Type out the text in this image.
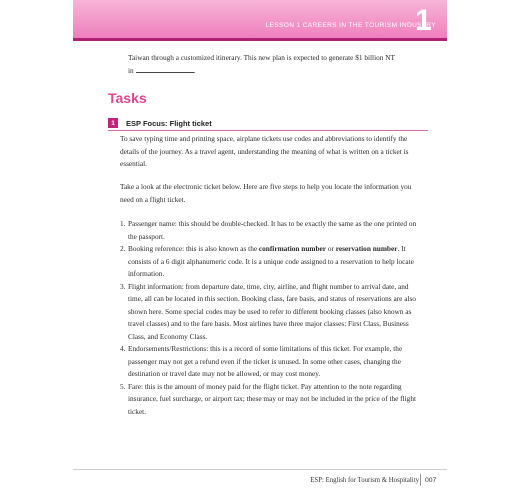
LESSON 1 CAREERS IN THE TOURISM INDUSTRY
1
Taiwan through a customized itinerary. This new plan is expected to generate $1 billion NT
in	.
Tasks
1	ESP Focus: Flight ticket
To save typing time and printing space, airplane tickets use codes and abbreviations to identify the details of the journey. As a travel agent, understanding the meaning of what is written on a ticket is essential.
Take a look at the electronic ticket below. Here are five steps to help you locate the information you need on a flight ticket.
1. Passenger name: this should be double-checked. It has to be exactly the same as the one printed on the passport.
2. Booking reference: this is also known as the confirmation number or reservation number. It consists of a 6 digit alphanumeric code. It is a unique code assigned to a reservation to help locate information.
3. Flight information: from departure date, time, city, airline, and flight number to arrival date, and time, all can be located in this section. Booking class, fare basis, and status of reservations are also shown here. Some special codes may be used to refer to different booking classes (also known as travel classes) and to the fare basis. Most airlines have three major classes: First Class, Business Class, and Economy Class.
4. Endorsements/Restrictions: this is a record of some limitations of this ticket. For example, the passenger may not get a refund even if the ticket is unused. In some other cases, changing the destination or travel date may not be allowed, or may cost money.
5. Fare: this is the amount of money paid for the flight ticket. Pay attention to the note regarding insurance, fuel surcharge, or airport tax; these may or may not be included in the price of the flight ticket.
ESP: English for Tourism & Hospitality 007
